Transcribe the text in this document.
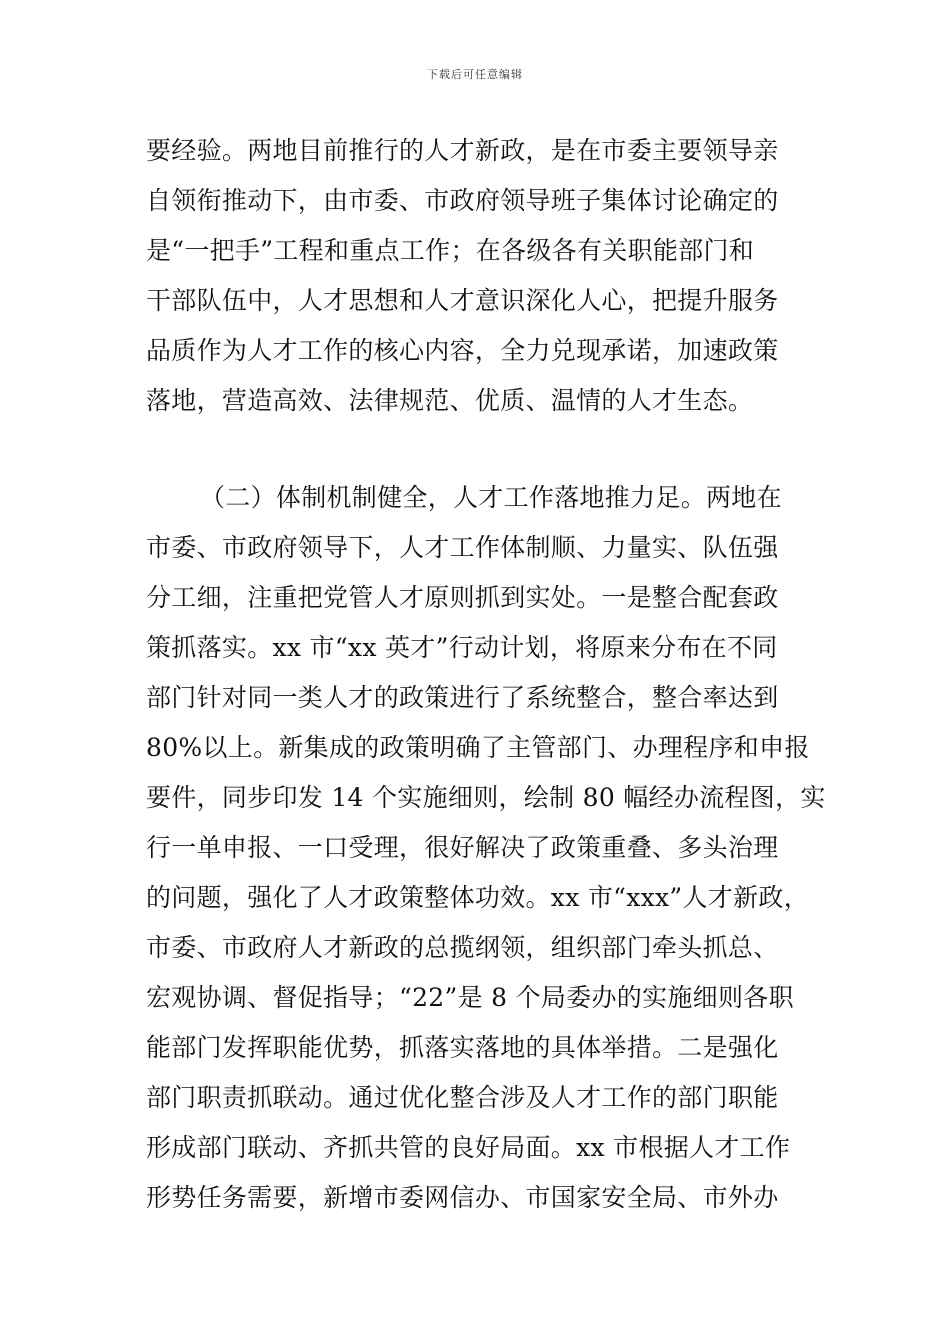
下载后可任意编辑
要经验。两地目前推行的人才新政，是在市委主要领导亲
自领衔推动下，由市委、市政府领导班子集体讨论确定的
是“一把手”工程和重点工作；在各级各有关职能部门和
干部队伍中，人才思想和人才意识深化人心，把提升服务
品质作为人才工作的核心内容，全力兑现承诺，加速政策
落地，营造高效、法律规范、优质、温情的人才生态。
（二）体制机制健全，人才工作落地推力足。两地在
市委、市政府领导下，人才工作体制顺、力量实、队伍强
分工细，注重把党管人才原则抓到实处。一是整合配套政
策抓落实。xx 市“xx 英才”行动计划，将原来分布在不同
部门针对同一类人才的政策进行了系统整合，整合率达到
80%以上。新集成的政策明确了主管部门、办理程序和申报
要件，同步印发 14 个实施细则，绘制 80 幅经办流程图，实
行一单申报、一口受理，很好解决了政策重叠、多头治理
的问题，强化了人才政策整体功效。xx 市“xxx”人才新政，
市委、市政府人才新政的总揽纲领，组织部门牵头抓总、
宏观协调、督促指导；“22”是 8 个局委办的实施细则各职
能部门发挥职能优势，抓落实落地的具体举措。二是强化
部门职责抓联动。通过优化整合涉及人才工作的部门职能
形成部门联动、齐抓共管的良好局面。xx 市根据人才工作
形势任务需要，新增市委网信办、市国家安全局、市外办
